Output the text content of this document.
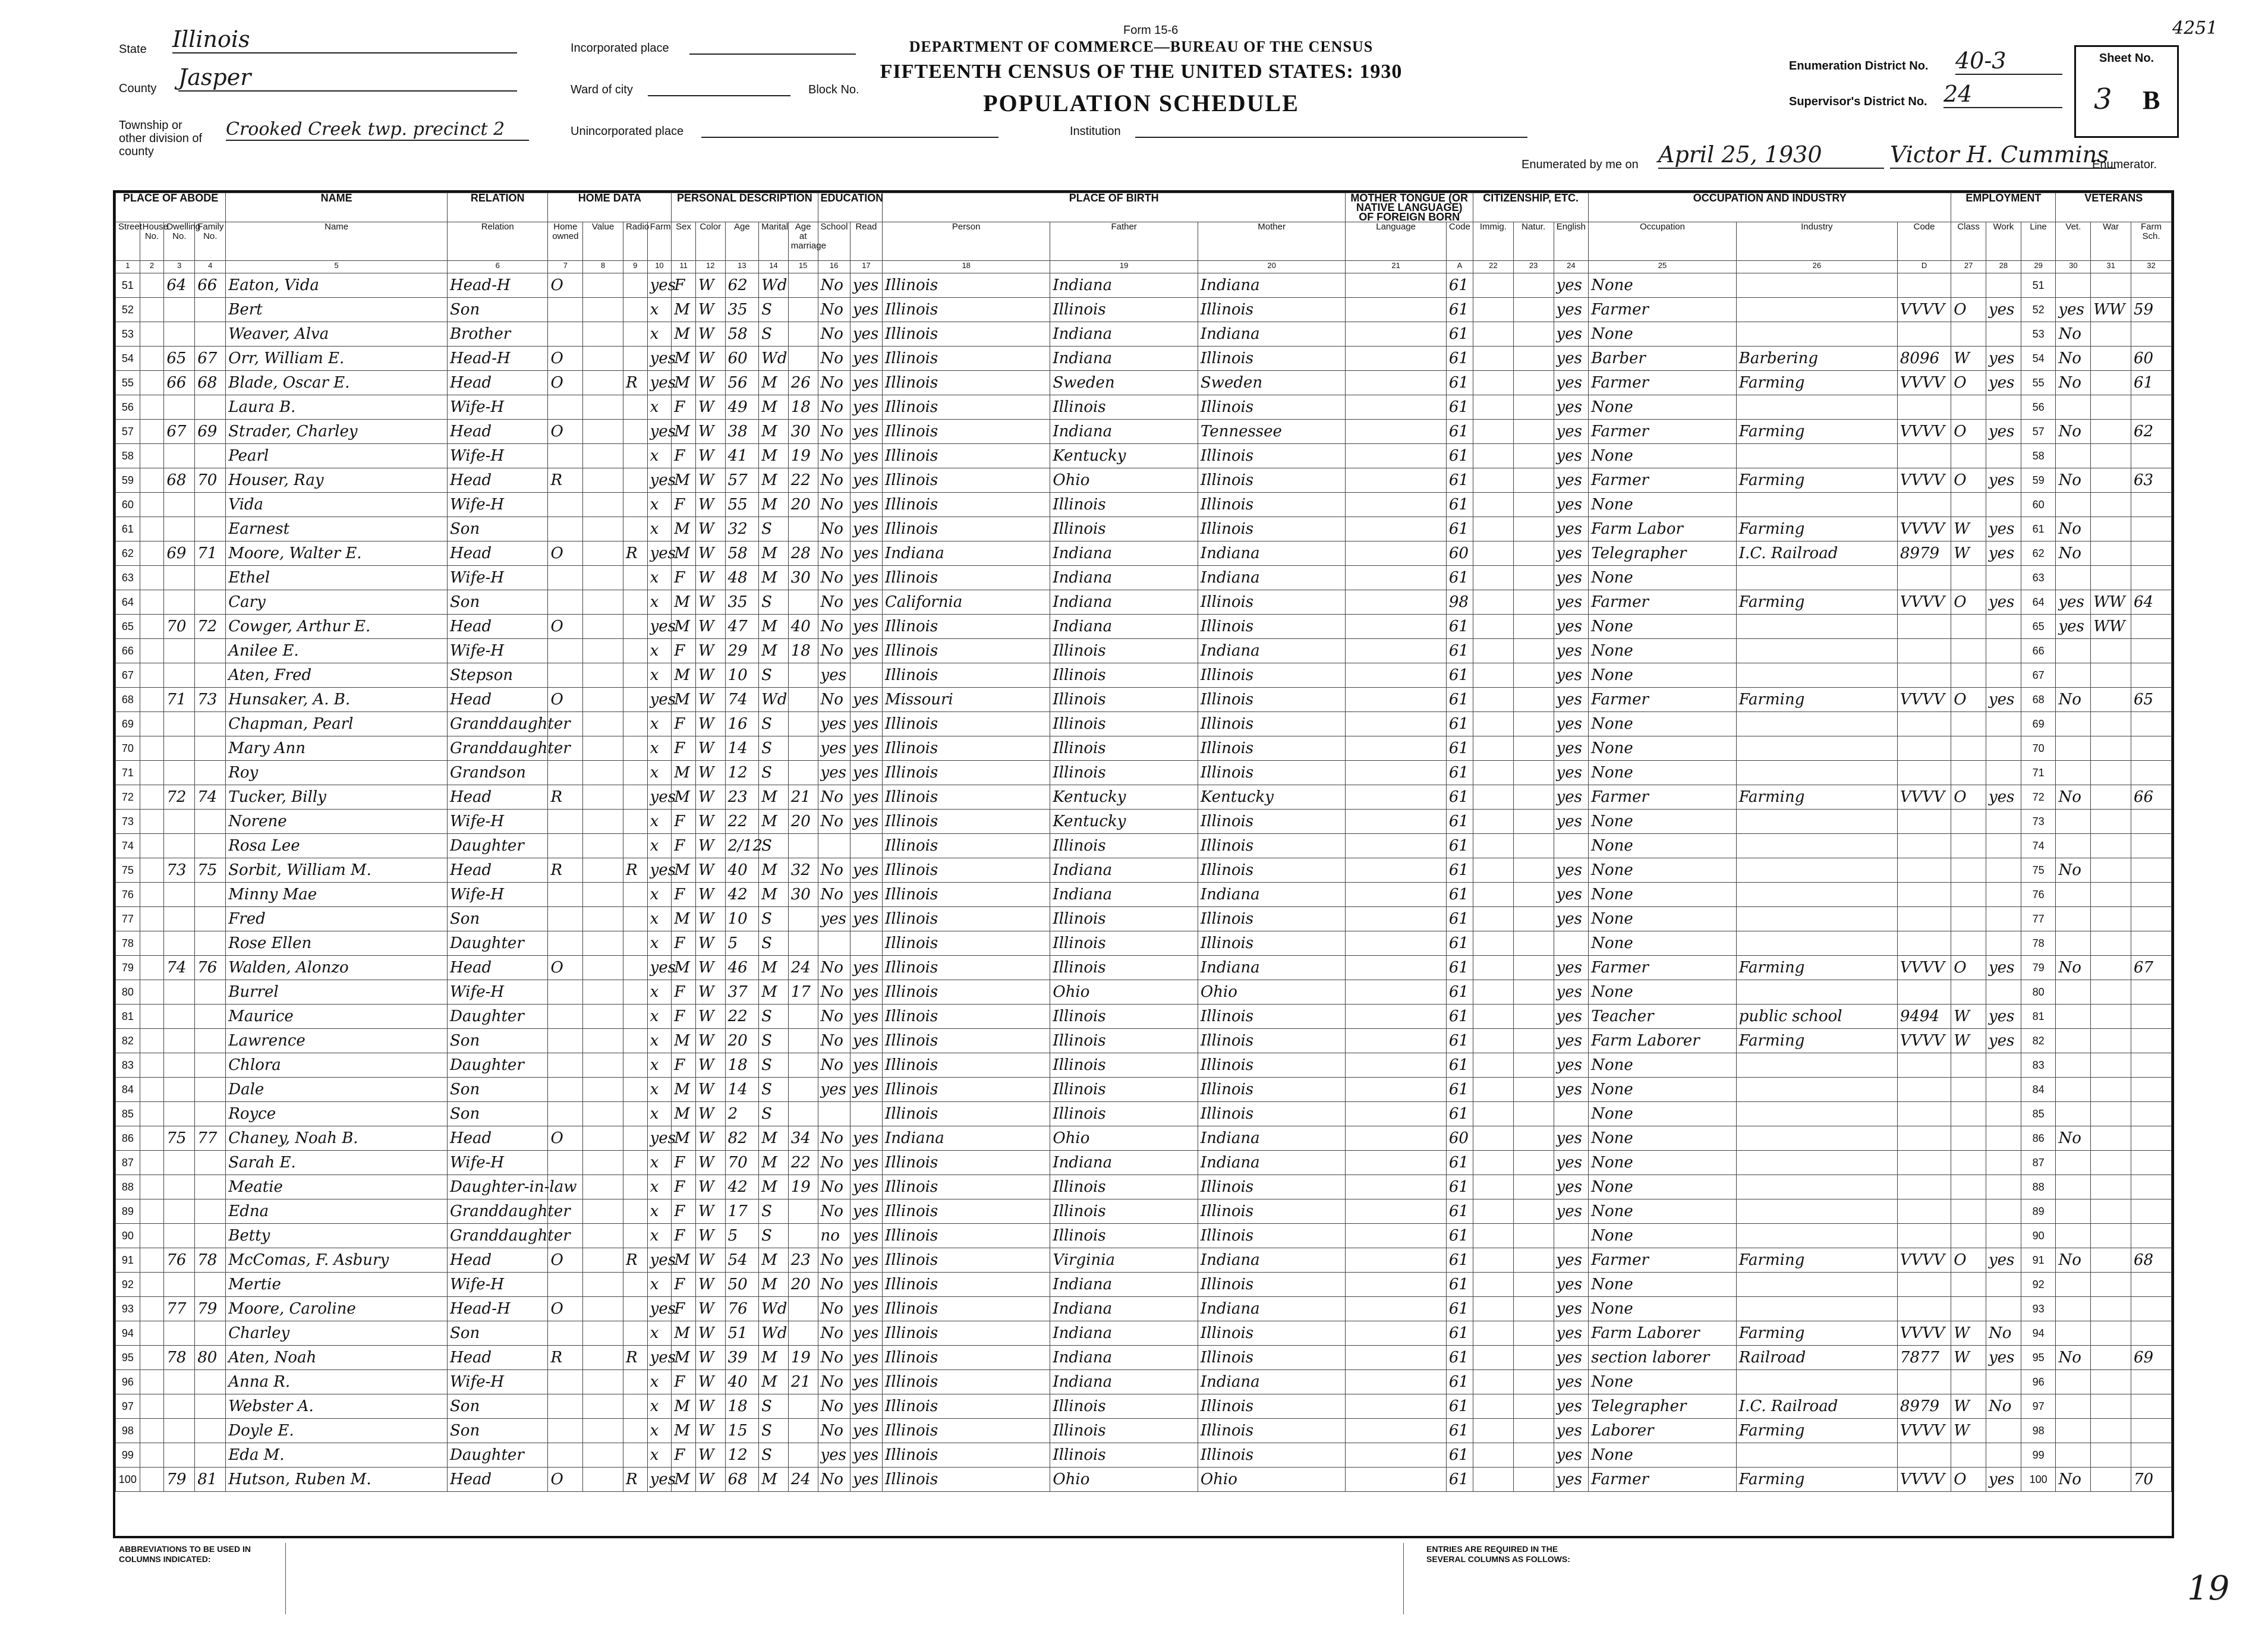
4251
Form 15-6
DEPARTMENT OF COMMERCE—BUREAU OF THE CENSUS
FIFTEENTH CENSUS OF THE UNITED STATES: 1930
POPULATION SCHEDULE
State Illinois
County Jasper
Township or other division of county
Crooked Creek twp. precinct 2
Incorporated place
Ward of city	Block No.
Unincorporated place	Institution
Enumeration District No. 40-3
Supervisor's District No. 24
Sheet No.
3 B
Enumerated by me on April 25, 1930	Victor H. Cummins
Enumerator.
PLACE OF ABODE				NAME	RELATION	HOME DATA				PERSONAL DESCRIPTION					EDUCATION		PLACE OF BIRTH			MOTHER TONGUE (OR NATIVE LANGUAGE) OF FOREIGN BORN		CITIZENSHIP, ETC.			OCCUPATION AND INDUSTRY			EMPLOYMENT			VETERANS		
Street	House No.	Dwelling No.	Family No.	Name	Relation	Home owned	Value	Radio	Farm	Sex	Color	Age	Marital	Age at marriage	School	Read	Person	Father	Mother	Language	Code	Immig.	Natur.	English	Occupation	Industry	Code	Class	Work	Line	Vet.	War	Farm Sch.
1	2	3	4	5	6	7	8	9	10	11	12	13	14	15	16	17	18	19	20	21	A	22	23	24	25	26	D	27	28	29	30	31	32
51		64	66	Eaton, Vida	Head-H	O			yes	F	W	62	Wd		No	yes	Illinois	Indiana	Indiana		61			yes	None					51			
52				Bert	Son				x	M	W	35	S		No	yes	Illinois	Illinois	Illinois		61			yes	Farmer		VVVV	O	yes	52	yes	WW	59
53				Weaver, Alva	Brother				x	M	W	58	S		No	yes	Illinois	Indiana	Indiana		61			yes	None					53	No		
54		65	67	Orr, William E.	Head-H	O			yes	M	W	60	Wd		No	yes	Illinois	Indiana	Illinois		61			yes	Barber	Barbering	8096	W	yes	54	No		60
55		66	68	Blade, Oscar E.	Head	O		R	yes	M	W	56	M	26	No	yes	Illinois	Sweden	Sweden		61			yes	Farmer	Farming	VVVV	O	yes	55	No		61
56				Laura B.	Wife-H				x	F	W	49	M	18	No	yes	Illinois	Illinois	Illinois		61			yes	None					56			
57		67	69	Strader, Charley	Head	O			yes	M	W	38	M	30	No	yes	Illinois	Indiana	Tennessee		61			yes	Farmer	Farming	VVVV	O	yes	57	No		62
58				Pearl	Wife-H				x	F	W	41	M	19	No	yes	Illinois	Kentucky	Illinois		61			yes	None					58			
59		68	70	Houser, Ray	Head	R			yes	M	W	57	M	22	No	yes	Illinois	Ohio	Illinois		61			yes	Farmer	Farming	VVVV	O	yes	59	No		63
60				Vida	Wife-H				x	F	W	55	M	20	No	yes	Illinois	Illinois	Illinois		61			yes	None					60			
61				Earnest	Son				x	M	W	32	S		No	yes	Illinois	Illinois	Illinois		61			yes	Farm Labor	Farming	VVVV	W	yes	61	No		
62		69	71	Moore, Walter E.	Head	O		R	yes	M	W	58	M	28	No	yes	Indiana	Indiana	Indiana		60			yes	Telegrapher	I.C. Railroad	8979	W	yes	62	No		
63				Ethel	Wife-H				x	F	W	48	M	30	No	yes	Illinois	Indiana	Indiana		61			yes	None					63			
64				Cary	Son				x	M	W	35	S		No	yes	California	Indiana	Illinois		98			yes	Farmer	Farming	VVVV	O	yes	64	yes	WW	64
65		70	72	Cowger, Arthur E.	Head	O			yes	M	W	47	M	40	No	yes	Illinois	Indiana	Illinois		61			yes	None					65	yes	WW	
66				Anilee E.	Wife-H				x	F	W	29	M	18	No	yes	Illinois	Illinois	Indiana		61			yes	None					66			
67				Aten, Fred	Stepson				x	M	W	10	S		yes		Illinois	Illinois	Illinois		61			yes	None					67			
68		71	73	Hunsaker, A. B.	Head	O			yes	M	W	74	Wd		No	yes	Missouri	Illinois	Illinois		61			yes	Farmer	Farming	VVVV	O	yes	68	No		65
69				Chapman, Pearl	Granddaughter				x	F	W	16	S		yes	yes	Illinois	Illinois	Illinois		61			yes	None					69			
70				Mary Ann	Granddaughter				x	F	W	14	S		yes	yes	Illinois	Illinois	Illinois		61			yes	None					70			
71				Roy	Grandson				x	M	W	12	S		yes	yes	Illinois	Illinois	Illinois		61			yes	None					71			
72		72	74	Tucker, Billy	Head	R			yes	M	W	23	M	21	No	yes	Illinois	Kentucky	Kentucky		61			yes	Farmer	Farming	VVVV	O	yes	72	No		66
73				Norene	Wife-H				x	F	W	22	M	20	No	yes	Illinois	Kentucky	Illinois		61			yes	None					73			
74				Rosa Lee	Daughter				x	F	W	2/12	S				Illinois	Illinois	Illinois		61				None					74			
75		73	75	Sorbit, William M.	Head	R		R	yes	M	W	40	M	32	No	yes	Illinois	Indiana	Illinois		61			yes	None					75	No		
76				Minny Mae	Wife-H				x	F	W	42	M	30	No	yes	Illinois	Indiana	Indiana		61			yes	None					76			
77				Fred	Son				x	M	W	10	S		yes	yes	Illinois	Illinois	Illinois		61			yes	None					77			
78				Rose Ellen	Daughter				x	F	W	5	S				Illinois	Illinois	Illinois		61				None					78			
79		74	76	Walden, Alonzo	Head	O			yes	M	W	46	M	24	No	yes	Illinois	Illinois	Indiana		61			yes	Farmer	Farming	VVVV	O	yes	79	No		67
80				Burrel	Wife-H				x	F	W	37	M	17	No	yes	Illinois	Ohio	Ohio		61			yes	None					80			
81				Maurice	Daughter				x	F	W	22	S		No	yes	Illinois	Illinois	Illinois		61			yes	Teacher	public school	9494	W	yes	81			
82				Lawrence	Son				x	M	W	20	S		No	yes	Illinois	Illinois	Illinois		61			yes	Farm Laborer	Farming	VVVV	W	yes	82			
83				Chlora	Daughter				x	F	W	18	S		No	yes	Illinois	Illinois	Illinois		61			yes	None					83			
84				Dale	Son				x	M	W	14	S		yes	yes	Illinois	Illinois	Illinois		61			yes	None					84			
85				Royce	Son				x	M	W	2	S				Illinois	Illinois	Illinois		61				None					85			
86		75	77	Chaney, Noah B.	Head	O			yes	M	W	82	M	34	No	yes	Indiana	Ohio	Indiana		60			yes	None					86	No		
87				Sarah E.	Wife-H				x	F	W	70	M	22	No	yes	Illinois	Indiana	Indiana		61			yes	None					87			
88				Meatie	Daughter-in-law				x	F	W	42	M	19	No	yes	Illinois	Illinois	Illinois		61			yes	None					88			
89				Edna	Granddaughter				x	F	W	17	S		No	yes	Illinois	Illinois	Illinois		61			yes	None					89			
90				Betty	Granddaughter				x	F	W	5	S		no	yes	Illinois	Illinois	Illinois		61				None					90			
91		76	78	McComas, F. Asbury	Head	O		R	yes	M	W	54	M	23	No	yes	Illinois	Virginia	Indiana		61			yes	Farmer	Farming	VVVV	O	yes	91	No		68
92				Mertie	Wife-H				x	F	W	50	M	20	No	yes	Illinois	Indiana	Illinois		61			yes	None					92			
93		77	79	Moore, Caroline	Head-H	O			yes	F	W	76	Wd		No	yes	Illinois	Indiana	Indiana		61			yes	None					93			
94				Charley	Son				x	M	W	51	Wd		No	yes	Illinois	Indiana	Illinois		61			yes	Farm Laborer	Farming	VVVV	W	No	94			
95		78	80	Aten, Noah	Head	R		R	yes	M	W	39	M	19	No	yes	Illinois	Indiana	Illinois		61			yes	section laborer	Railroad	7877	W	yes	95	No		69
96				Anna R.	Wife-H				x	F	W	40	M	21	No	yes	Illinois	Indiana	Indiana		61			yes	None					96			
97				Webster A.	Son				x	M	W	18	S		No	yes	Illinois	Illinois	Illinois		61			yes	Telegrapher	I.C. Railroad	8979	W	No	97			
98				Doyle E.	Son				x	M	W	15	S		No	yes	Illinois	Illinois	Illinois		61			yes	Laborer	Farming	VVVV	W		98			
99				Eda M.	Daughter				x	F	W	12	S		yes	yes	Illinois	Illinois	Illinois		61			yes	None					99			
100		79	81	Hutson, Ruben M.	Head	O		R	yes	M	W	68	M	24	No	yes	Illinois	Ohio	Ohio		61			yes	Farmer	Farming	VVVV	O	yes	100	No		70
ABBREVIATIONS TO BE USED IN COLUMNS INDICATED:
ENTRIES ARE REQUIRED IN THE SEVERAL COLUMNS AS FOLLOWS:
19
